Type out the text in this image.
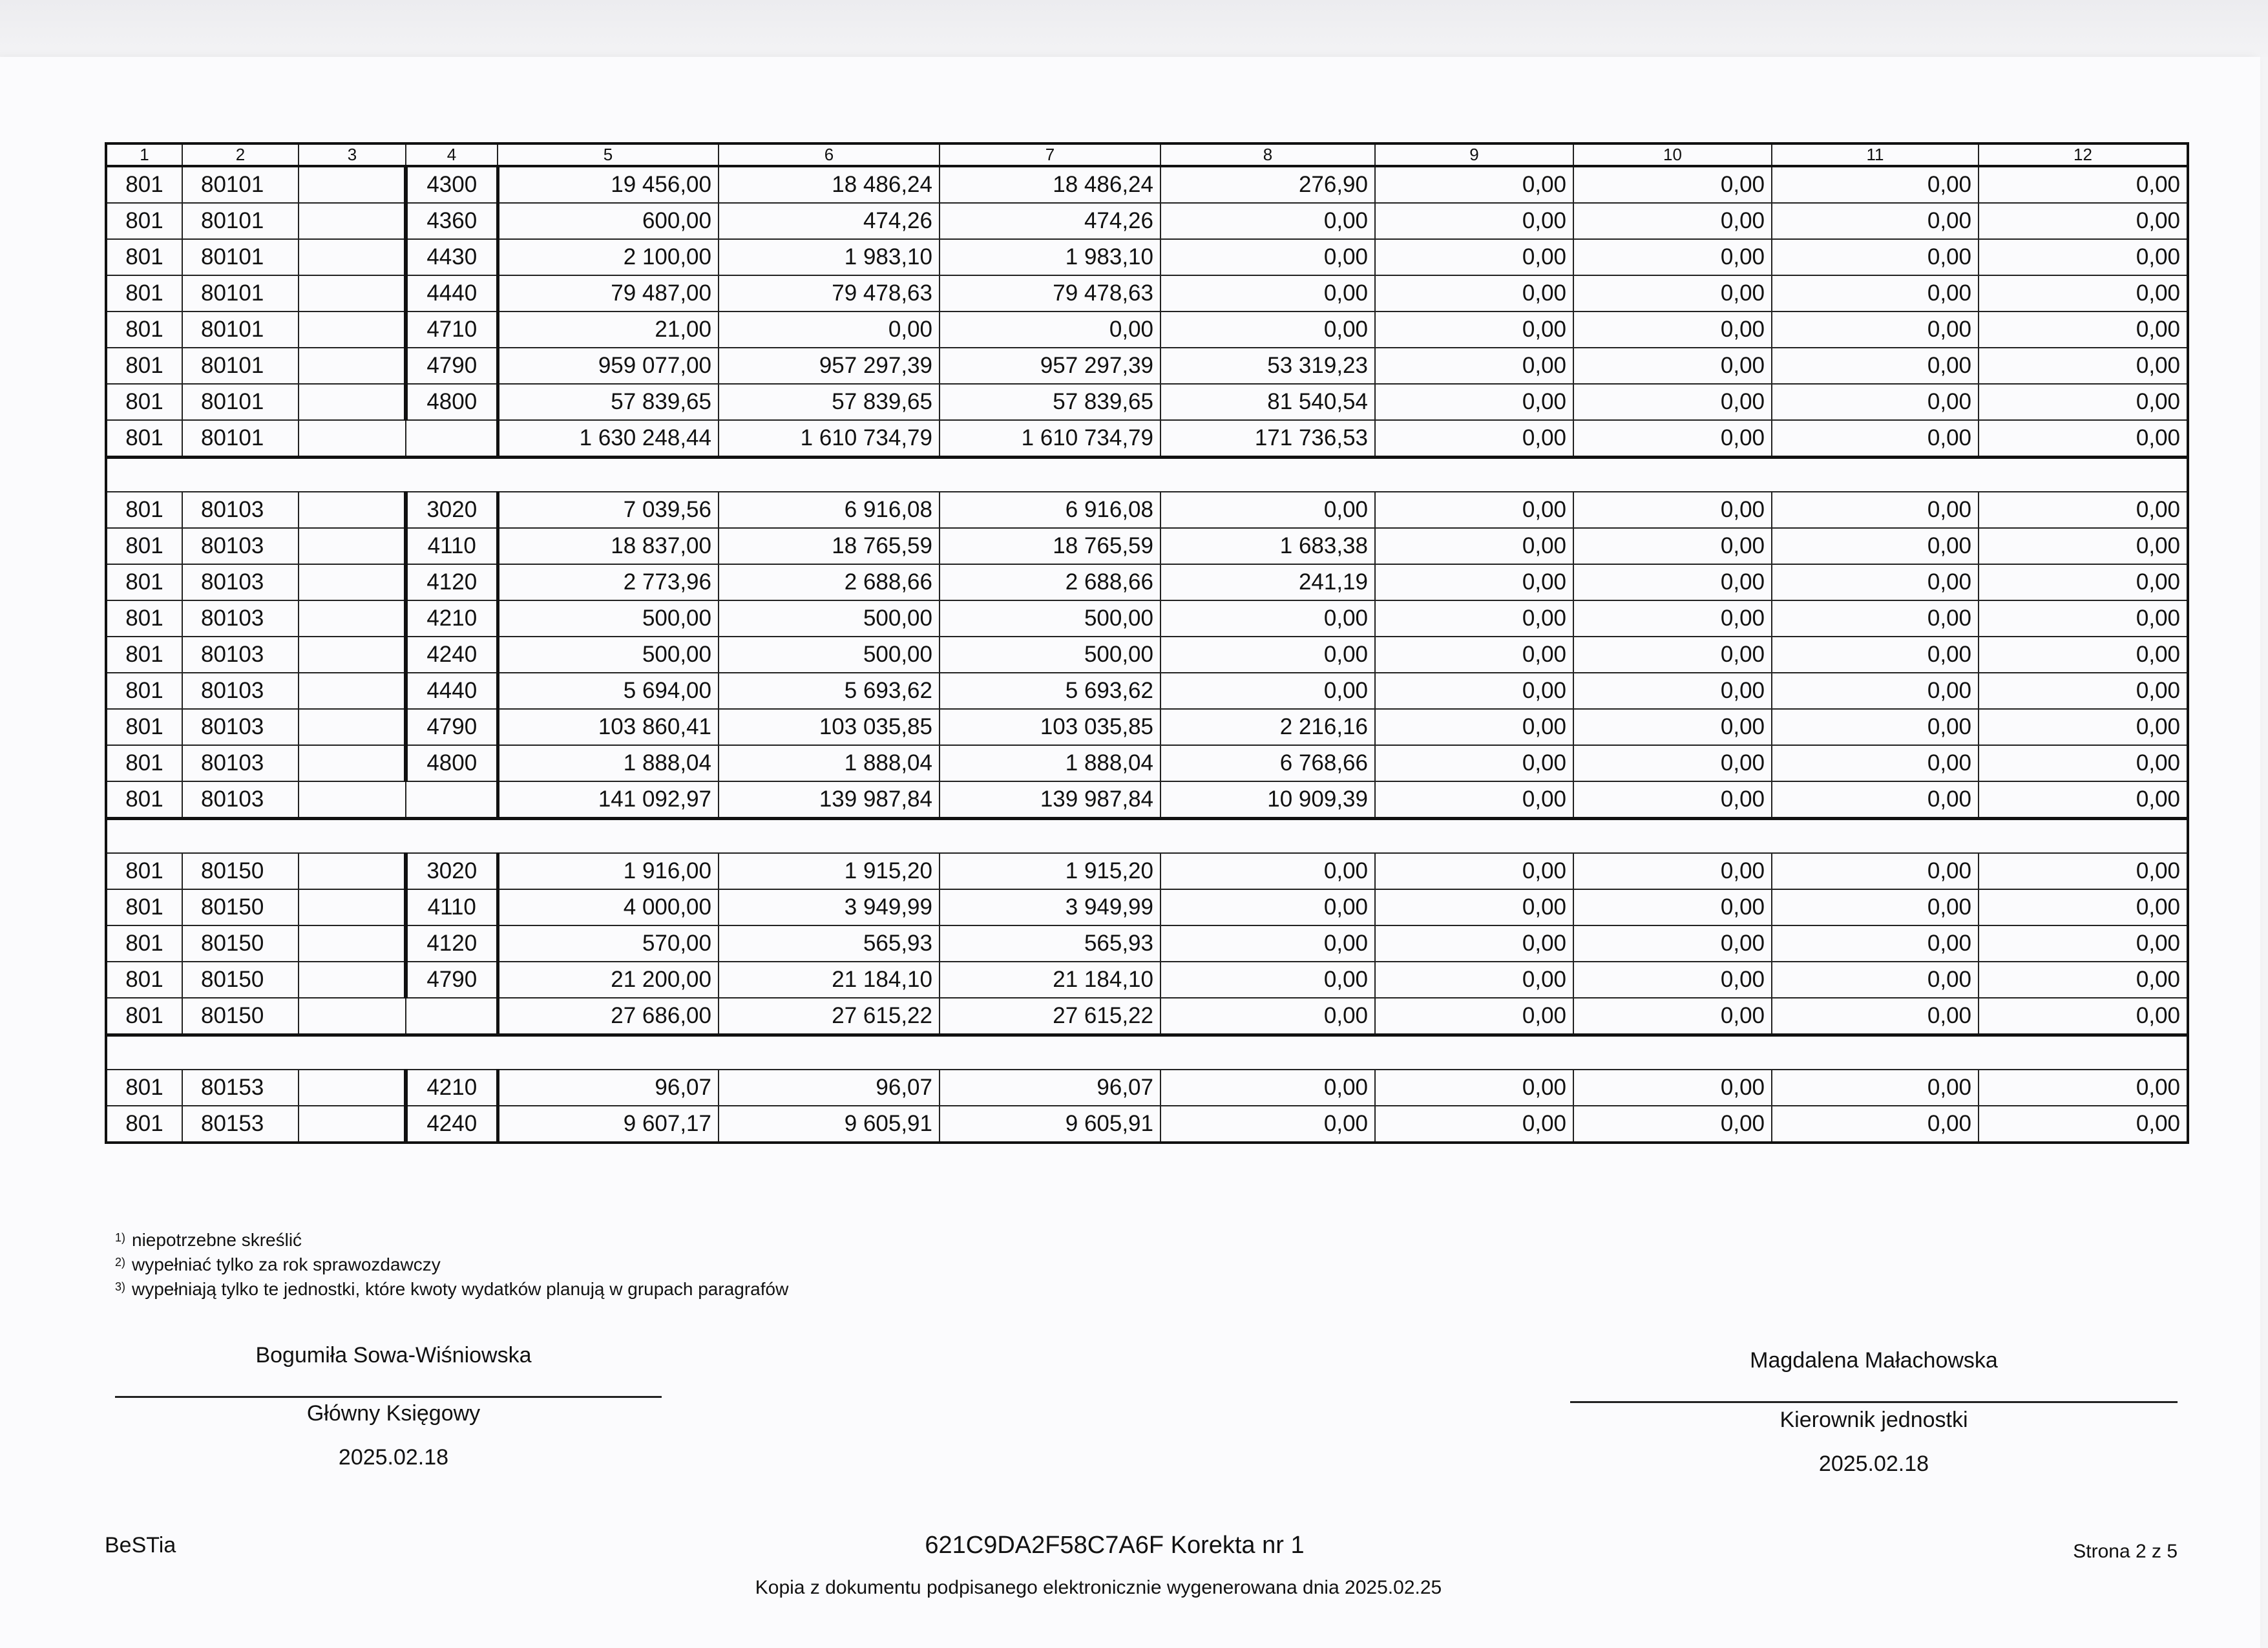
1	2	3	4	5	6	7	8	9	10	11	12
801	80101		4300	19 456,00	18 486,24	18 486,24	276,90	0,00	0,00	0,00	0,00
801	80101		4360	600,00	474,26	474,26	0,00	0,00	0,00	0,00	0,00
801	80101		4430	2 100,00	1 983,10	1 983,10	0,00	0,00	0,00	0,00	0,00
801	80101		4440	79 487,00	79 478,63	79 478,63	0,00	0,00	0,00	0,00	0,00
801	80101		4710	21,00	0,00	0,00	0,00	0,00	0,00	0,00	0,00
801	80101		4790	959 077,00	957 297,39	957 297,39	53 319,23	0,00	0,00	0,00	0,00
801	80101		4800	57 839,65	57 839,65	57 839,65	81 540,54	0,00	0,00	0,00	0,00
801	80101			1 630 248,44	1 610 734,79	1 610 734,79	171 736,53	0,00	0,00	0,00	0,00

801	80103		3020	7 039,56	6 916,08	6 916,08	0,00	0,00	0,00	0,00	0,00
801	80103		4110	18 837,00	18 765,59	18 765,59	1 683,38	0,00	0,00	0,00	0,00
801	80103		4120	2 773,96	2 688,66	2 688,66	241,19	0,00	0,00	0,00	0,00
801	80103		4210	500,00	500,00	500,00	0,00	0,00	0,00	0,00	0,00
801	80103		4240	500,00	500,00	500,00	0,00	0,00	0,00	0,00	0,00
801	80103		4440	5 694,00	5 693,62	5 693,62	0,00	0,00	0,00	0,00	0,00
801	80103		4790	103 860,41	103 035,85	103 035,85	2 216,16	0,00	0,00	0,00	0,00
801	80103		4800	1 888,04	1 888,04	1 888,04	6 768,66	0,00	0,00	0,00	0,00
801	80103			141 092,97	139 987,84	139 987,84	10 909,39	0,00	0,00	0,00	0,00

801	80150		3020	1 916,00	1 915,20	1 915,20	0,00	0,00	0,00	0,00	0,00
801	80150		4110	4 000,00	3 949,99	3 949,99	0,00	0,00	0,00	0,00	0,00
801	80150		4120	570,00	565,93	565,93	0,00	0,00	0,00	0,00	0,00
801	80150		4790	21 200,00	21 184,10	21 184,10	0,00	0,00	0,00	0,00	0,00
801	80150			27 686,00	27 615,22	27 615,22	0,00	0,00	0,00	0,00	0,00

801	80153		4210	96,07	96,07	96,07	0,00	0,00	0,00	0,00	0,00
801	80153		4240	9 607,17	9 605,91	9 605,91	0,00	0,00	0,00	0,00	0,00
$^{1)}$ niepotrzebne skreślić
$^{2)}$ wypełniać tylko za rok sprawozdawczy
$^{3)}$ wypełniają tylko te jednostki, które kwoty wydatków planują w grupach paragrafów
Bogumiła Sowa-Wiśniowska
Główny Księgowy
2025.02.18
Magdalena Małachowska
Kierownik jednostki
2025.02.18
BeSTia	621C9DA2F58C7A6F Korekta nr 1	Strona 2 z 5
Kopia z dokumentu podpisanego elektronicznie wygenerowana dnia 2025.02.25
